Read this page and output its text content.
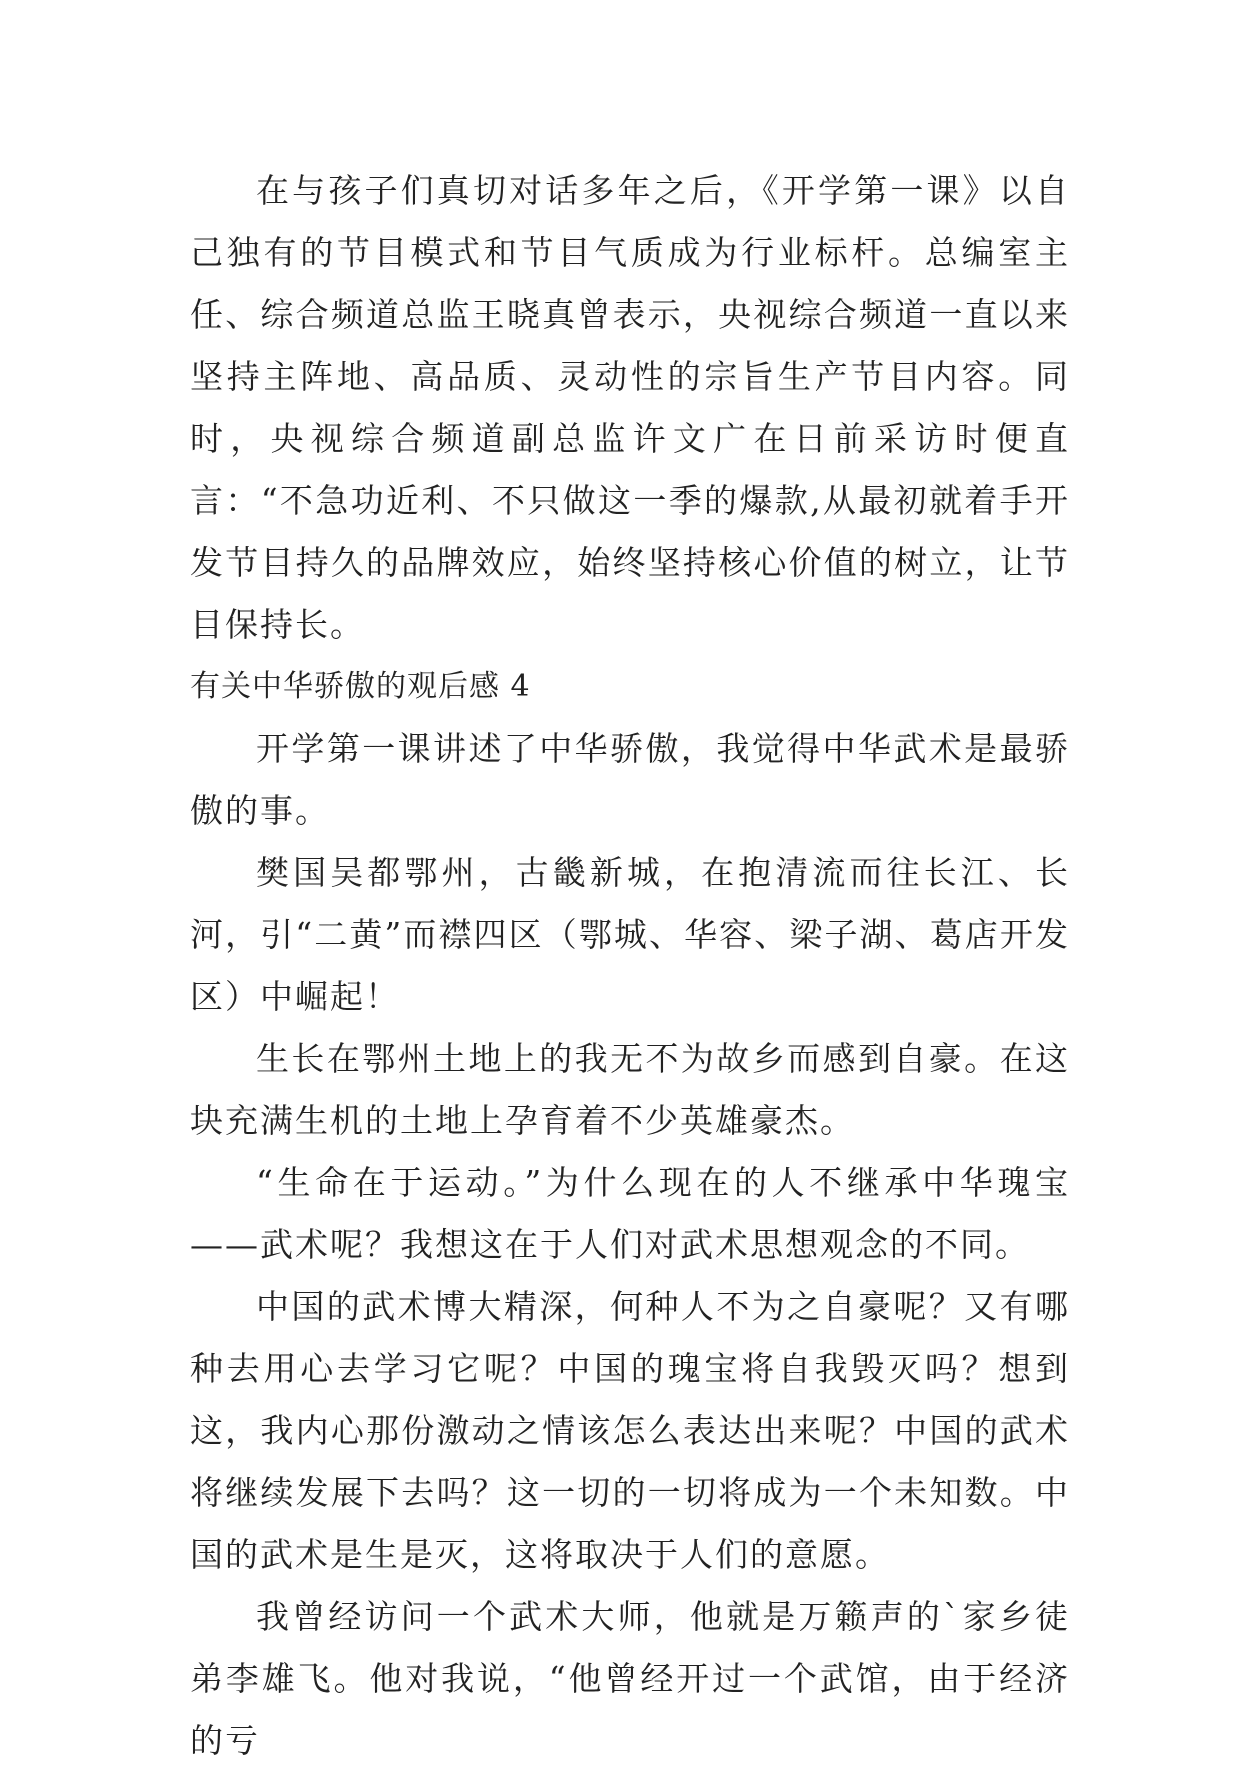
在与孩子们真切对话多年之后，《开学第一课》以自己独有的节目模式和节目气质成为行业标杆。总编室主任、综合频道总监王晓真曾表示，央视综合频道一直以来坚持主阵地、高品质、灵动性的宗旨生产节目内容。同时，央视综合频道副总监许文广在日前采访时便直言：“不急功近利、不只做这一季的爆款,从最初就着手开发节目持久的品牌效应，始终坚持核心价值的树立，让节目保持长。

有关中华骄傲的观后感 4

开学第一课讲述了中华骄傲，我觉得中华武术是最骄傲的事。

樊国吴都鄂州，古畿新城，在抱清流而往长江、长河，引“二黄”而襟四区（鄂城、华容、梁子湖、葛店开发区）中崛起！

生长在鄂州土地上的我无不为故乡而感到自豪。在这块充满生机的土地上孕育着不少英雄豪杰。

“生命在于运动。”为什么现在的人不继承中华瑰宝——武术呢？我想这在于人们对武术思想观念的不同。

中国的武术博大精深，何种人不为之自豪呢？又有哪种去用心去学习它呢？中国的瑰宝将自我毁灭吗？想到这，我内心那份激动之情该怎么表达出来呢？中国的武术将继续发展下去吗？这一切的一切将成为一个未知数。中国的武术是生是灭，这将取决于人们的意愿。

我曾经访问一个武术大师，他就是万籁声的`家乡徒弟李雄飞。他对我说，“他曾经开过一个武馆，由于经济的亏
